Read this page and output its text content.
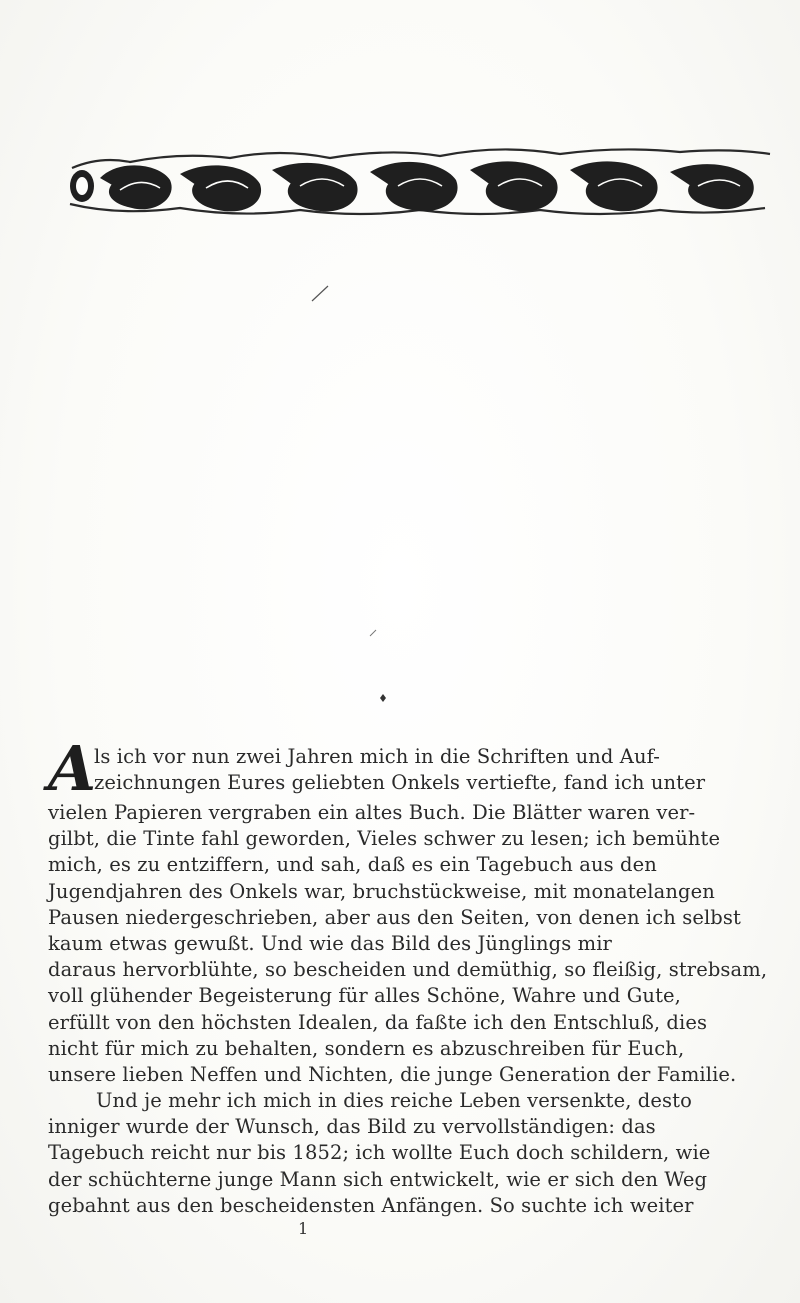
A
ls ich vor nun zwei Jahren mich in die Schriften und Auf-
zeichnungen Eures geliebten Onkels vertiefte, fand ich unter
vielen Papieren vergraben ein altes Buch. Die Blätter waren ver-
gilbt, die Tinte fahl geworden, Vieles schwer zu lesen; ich bemühte
mich, es zu entziffern, und sah, daß es ein Tagebuch aus den
Jugendjahren des Onkels war, bruchstückweise, mit monatelangen
Pausen niedergeschrieben, aber aus den Seiten, von denen ich selbst
kaum etwas gewußt. Und wie das Bild des Jünglings mir
daraus hervorblühte, so bescheiden und demüthig, so fleißig, strebsam,
voll glühender Begeisterung für alles Schöne, Wahre und Gute,
erfüllt von den höchsten Idealen, da faßte ich den Entschluß, dies
nicht für mich zu behalten, sondern es abzuschreiben für Euch,
unsere lieben Neffen und Nichten, die junge Generation der Familie.
Und je mehr ich mich in dies reiche Leben versenkte, desto
inniger wurde der Wunsch, das Bild zu vervollständigen: das
Tagebuch reicht nur bis 1852; ich wollte Euch doch schildern, wie
der schüchterne junge Mann sich entwickelt, wie er sich den Weg
gebahnt aus den bescheidensten Anfängen. So suchte ich weiter
1
